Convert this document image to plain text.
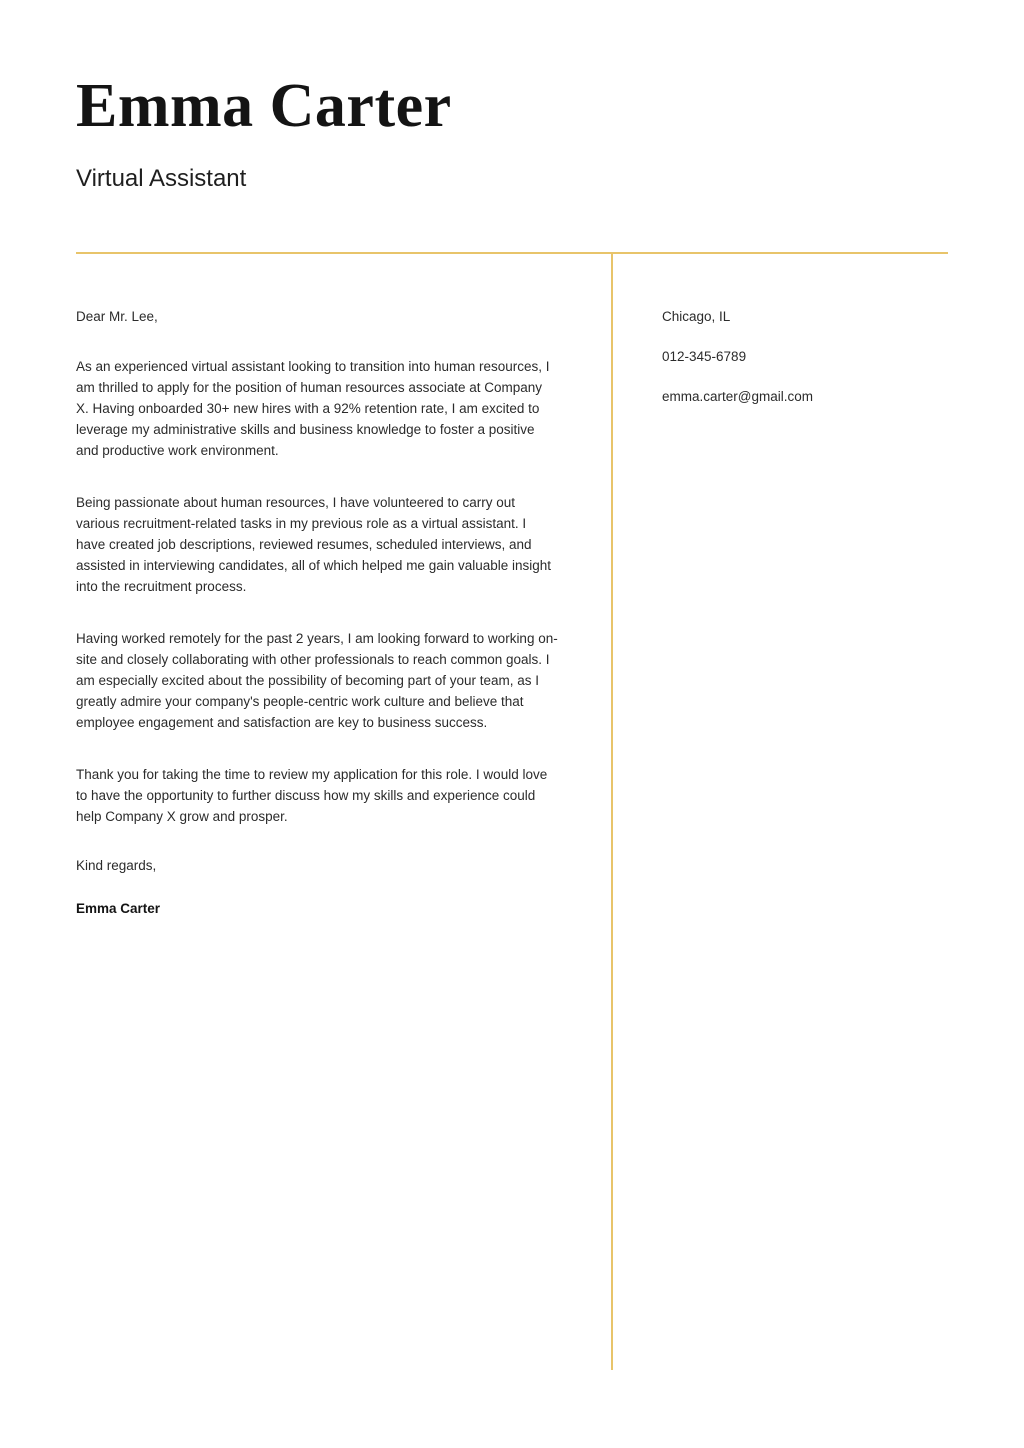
Emma Carter

Virtual Assistant

Dear Mr. Lee,

As an experienced virtual assistant looking to transition into human resources, I am thrilled to apply for the position of human resources associate at Company X. Having onboarded 30+ new hires with a 92% retention rate, I am excited to leverage my administrative skills and business knowledge to foster a positive and productive work environment.

Being passionate about human resources, I have volunteered to carry out various recruitment-related tasks in my previous role as a virtual assistant. I have created job descriptions, reviewed resumes, scheduled interviews, and assisted in interviewing candidates, all of which helped me gain valuable insight into the recruitment process.

Having worked remotely for the past 2 years, I am looking forward to working on-site and closely collaborating with other professionals to reach common goals. I am especially excited about the possibility of becoming part of your team, as I greatly admire your company's people-centric work culture and believe that employee engagement and satisfaction are key to business success.

Thank you for taking the time to review my application for this role. I would love to have the opportunity to further discuss how my skills and experience could help Company X grow and prosper.

Kind regards,

Emma Carter

Chicago, IL

012-345-6789

emma.carter@gmail.com
